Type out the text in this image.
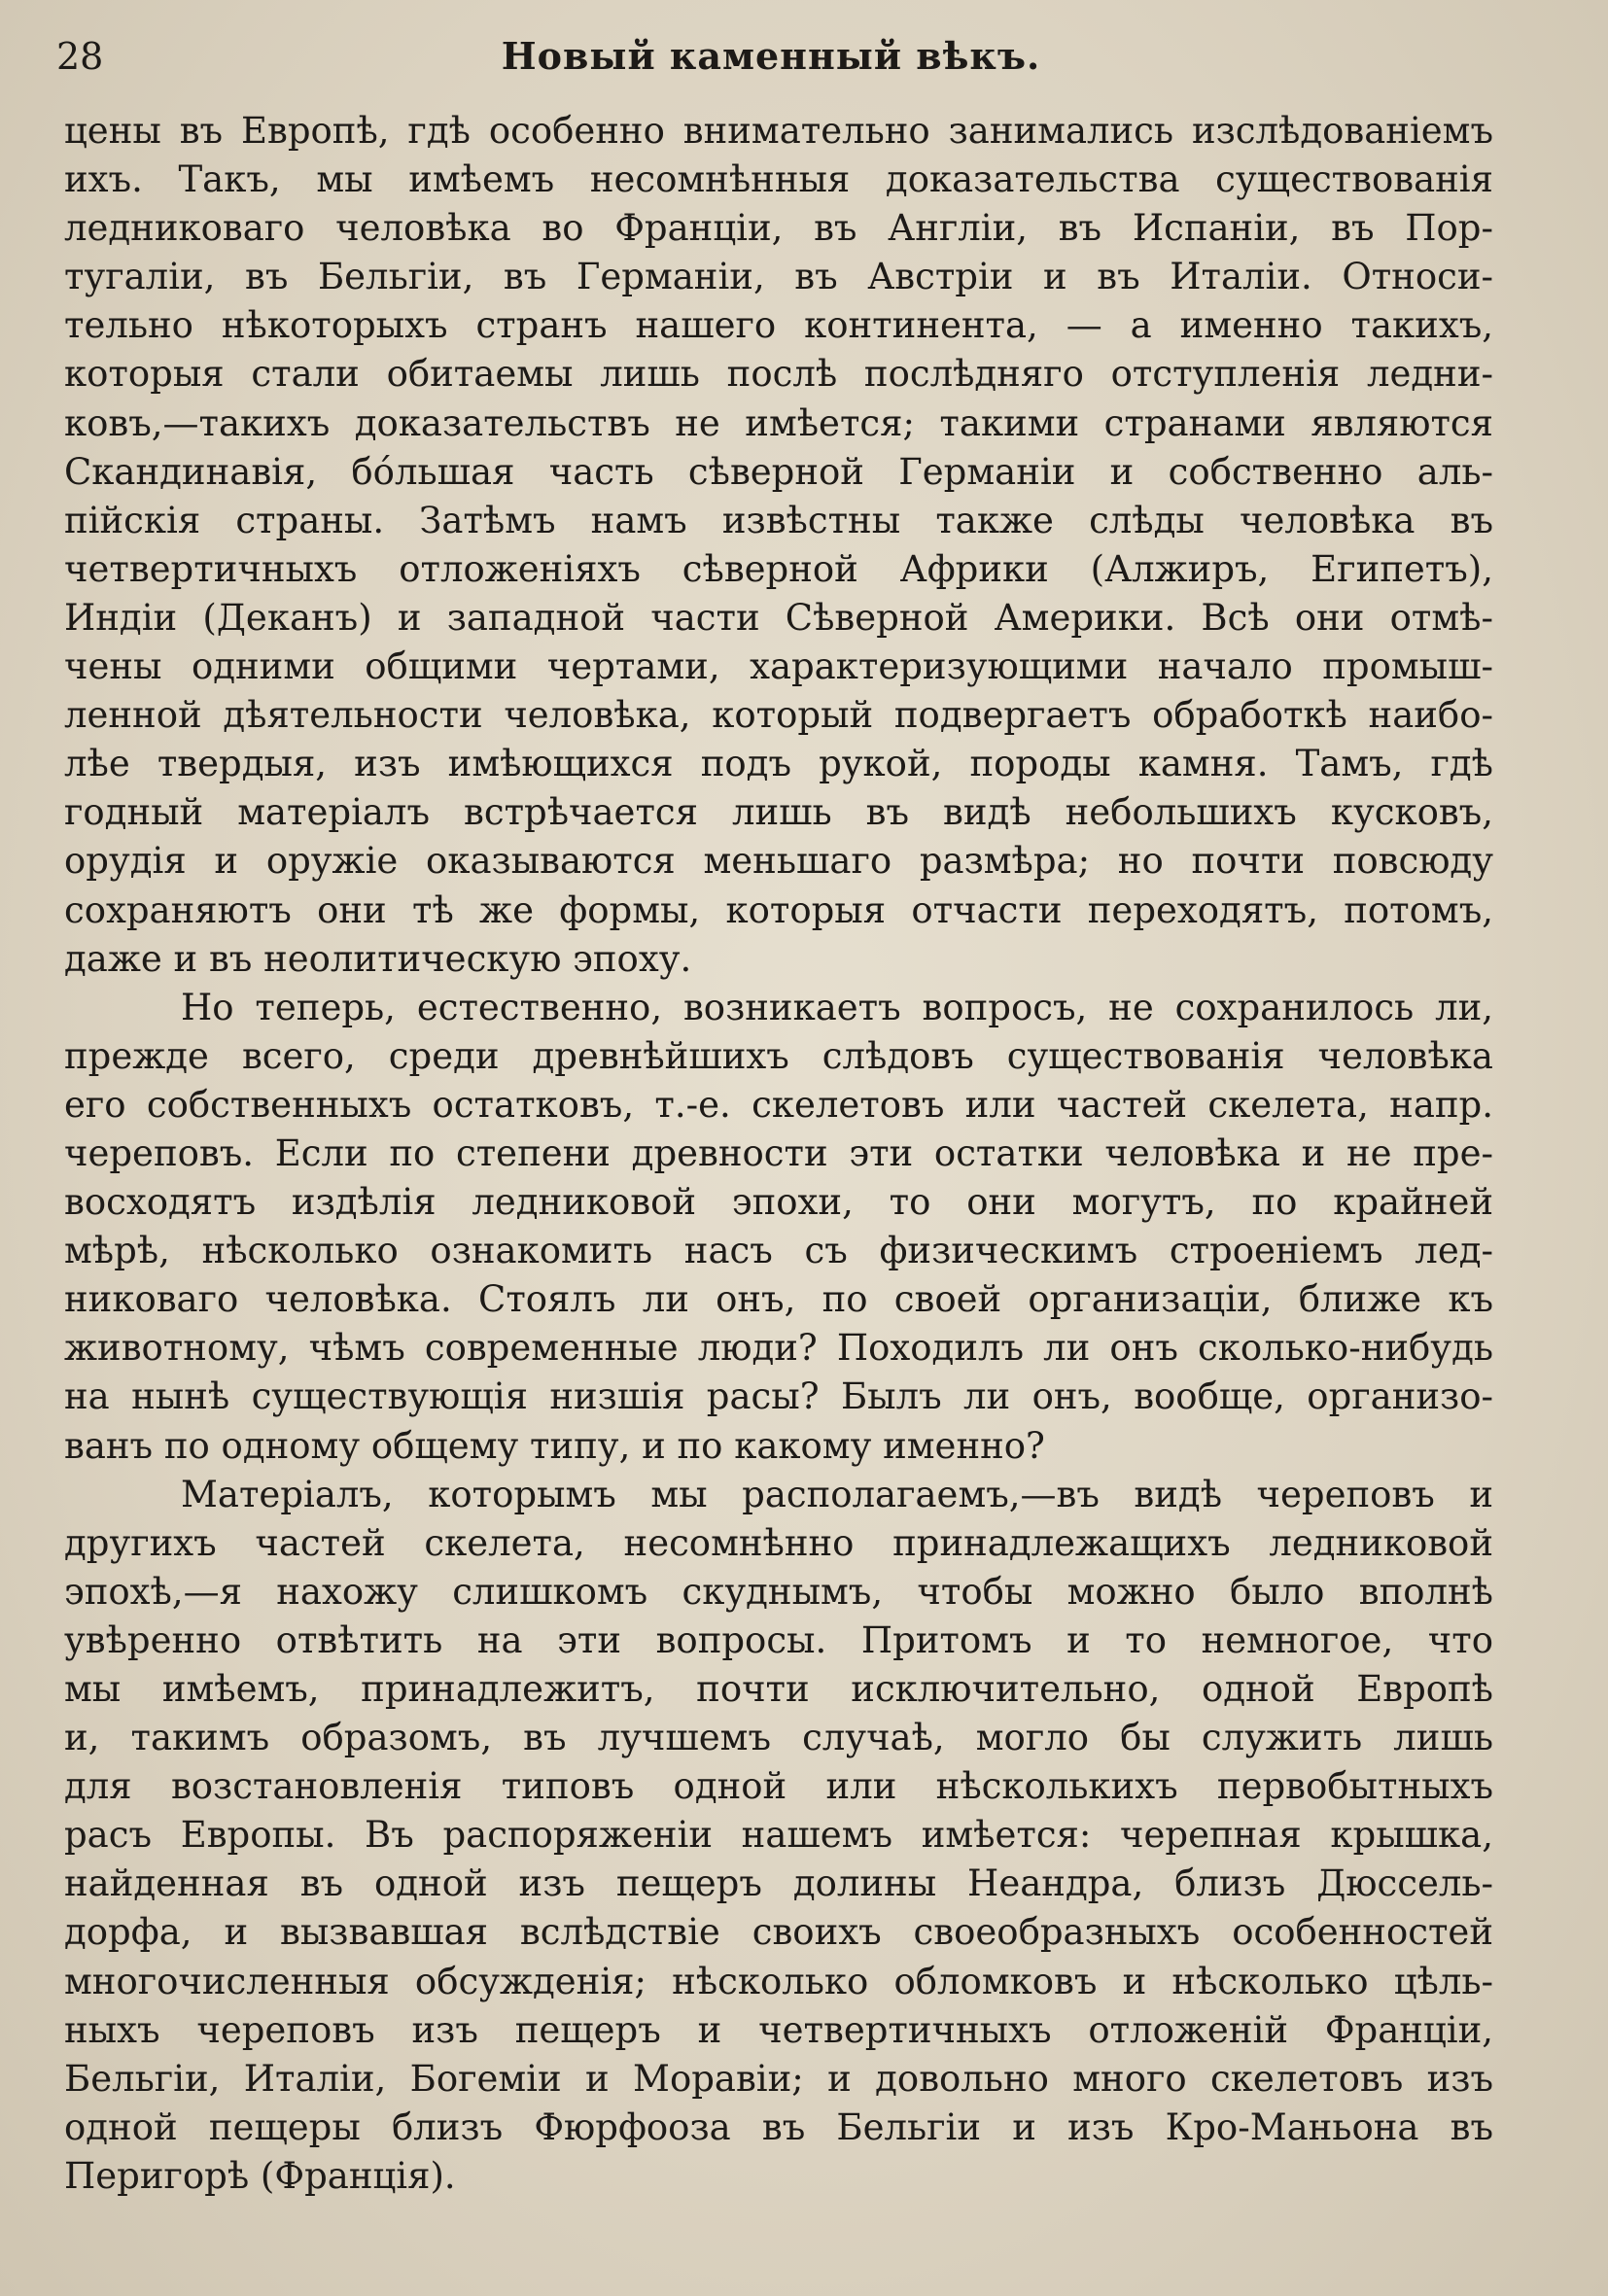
28	Новый каменный вѣкъ.
цены въ Европѣ, гдѣ особенно внимательно занимались изслѣдованіемъ
ихъ. Такъ, мы имѣемъ несомнѣнныя доказательства существованія
ледниковаго человѣка во Франціи, въ Англіи, въ Испаніи, въ Пор-
тугаліи, въ Бельгіи, въ Германіи, въ Австріи и въ Италіи. Относи-
тельно нѣкоторыхъ странъ нашего континента, — а именно такихъ,
которыя стали обитаемы лишь послѣ послѣдняго отступленія ледни-
ковъ,—такихъ доказательствъ не имѣется; такими странами являются
Скандинавія, бóльшая часть сѣверной Германіи и собственно аль-
пійскія страны. Затѣмъ намъ извѣстны также слѣды человѣка въ
четвертичныхъ отложеніяхъ сѣверной Африки (Алжиръ, Египетъ),
Индіи (Деканъ) и западной части Сѣверной Америки. Всѣ они отмѣ-
чены одними общими чертами, характеризующими начало промыш-
ленной дѣятельности человѣка, который подвергаетъ обработкѣ наибо-
лѣе твердыя, изъ имѣющихся подъ рукой, породы камня. Тамъ, гдѣ
годный матеріалъ встрѣчается лишь въ видѣ небольшихъ кусковъ,
орудія и оружіе оказываются меньшаго размѣра; но почти повсюду
сохраняютъ они тѣ же формы, которыя отчасти переходятъ, потомъ,
даже и въ неолитическую эпоху.
Но теперь, естественно, возникаетъ вопросъ, не сохранилось ли,
прежде всего, среди древнѣйшихъ слѣдовъ существованія человѣка
его собственныхъ остатковъ, т.-е. скелетовъ или частей скелета, напр.
череповъ. Если по степени древности эти остатки человѣка и не пре-
восходятъ издѣлія ледниковой эпохи, то они могутъ, по крайней
мѣрѣ, нѣсколько ознакомить насъ съ физическимъ строеніемъ лед-
никоваго человѣка. Стоялъ ли онъ, по своей организаціи, ближе къ
животному, чѣмъ современные люди? Походилъ ли онъ сколько-нибудь
на нынѣ существующія низшія расы? Былъ ли онъ, вообще, организо-
ванъ по одному общему типу, и по какому именно?
Матеріалъ, которымъ мы располагаемъ,—въ видѣ череповъ и
другихъ частей скелета, несомнѣнно принадлежащихъ ледниковой
эпохѣ,—я нахожу слишкомъ скуднымъ, чтобы можно было вполнѣ
увѣренно отвѣтить на эти вопросы. Притомъ и то немногое, что
мы имѣемъ, принадлежитъ, почти исключительно, одной Европѣ
и, такимъ образомъ, въ лучшемъ случаѣ, могло бы служить лишь
для возстановленія типовъ одной или нѣсколькихъ первобытныхъ
расъ Европы. Въ распоряженіи нашемъ имѣется: черепная крышка,
найденная въ одной изъ пещеръ долины Неандра, близъ Дюссель-
дорфа, и вызвавшая вслѣдствіе своихъ своеобразныхъ особенностей
многочисленныя обсужденія; нѣсколько обломковъ и нѣсколько цѣль-
ныхъ череповъ изъ пещеръ и четвертичныхъ отложеній Франціи,
Бельгіи, Италіи, Богеміи и Моравіи; и довольно много скелетовъ изъ
одной пещеры близъ Фюрфооза въ Бельгіи и изъ Кро-Маньона въ
Перигорѣ (Франція).
